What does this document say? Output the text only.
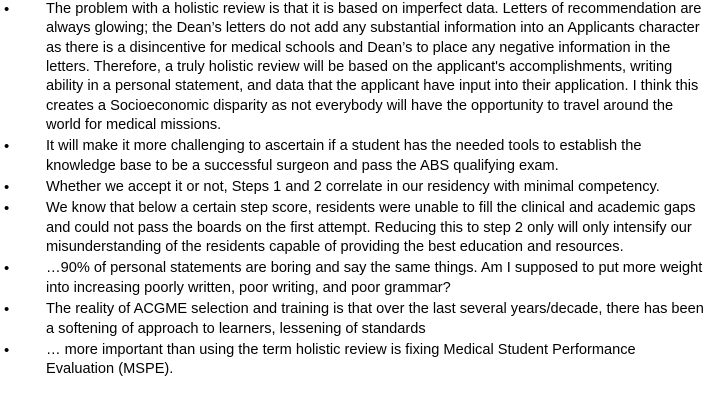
•	The problem with a holistic review is that it is based on imperfect data. Letters of recommendation are always glowing; the Dean’s letters do not add any substantial information into an Applicants character as there is a disincentive for medical schools and Dean’s to place any negative information in the letters. Therefore, a truly holistic review will be based on the applicant's accomplishments, writing ability in a personal statement, and data that the applicant have input into their application. I think this creates a Socioeconomic disparity as not everybody will have the opportunity to travel around the world for medical missions.
•	It will make it more challenging to ascertain if a student has the needed tools to establish the knowledge base to be a successful surgeon and pass the ABS qualifying exam.
•	Whether we accept it or not, Steps 1 and 2 correlate in our residency with minimal competency.
•	We know that below a certain step score, residents were unable to fill the clinical and academic gaps and could not pass the boards on the first attempt. Reducing this to step 2 only will only intensify our misunderstanding of the residents capable of providing the best education and resources.
•	…90% of personal statements are boring and say the same things. Am I supposed to put more weight into increasing poorly written, poor writing, and poor grammar?
•	The reality of ACGME selection and training is that over the last several years/decade, there has been a softening of approach to learners, lessening of standards
•	… more important than using the term holistic review is fixing Medical Student Performance Evaluation (MSPE).
